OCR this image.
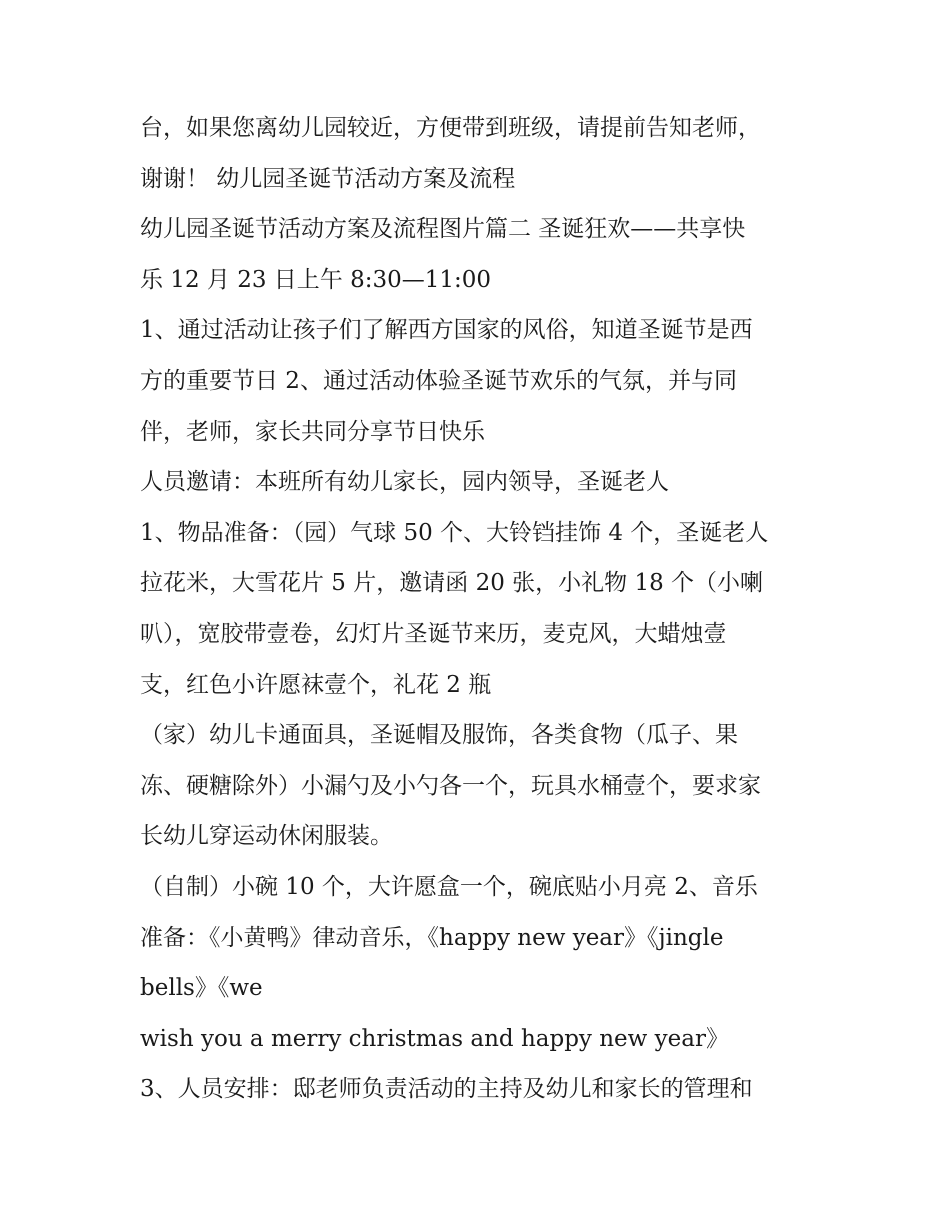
台，如果您离幼儿园较近，方便带到班级，请提前告知老师，

谢谢！ 幼儿园圣诞节活动方案及流程

幼儿园圣诞节活动方案及流程图片篇二 圣诞狂欢——共享快

乐 12 月 23 日上午 8:30—11:00

1、通过活动让孩子们了解西方国家的风俗，知道圣诞节是西

方的重要节日 2、通过活动体验圣诞节欢乐的气氛，并与同

伴，老师，家长共同分享节日快乐

人员邀请：本班所有幼儿家长，园内领导，圣诞老人

1、物品准备：（园）气球 50 个、大铃铛挂饰 4 个，圣诞老人

拉花米，大雪花片 5 片，邀请函 20 张，小礼物 18 个（小喇

叭），宽胶带壹卷，幻灯片圣诞节来历，麦克风，大蜡烛壹

支，红色小许愿袜壹个，礼花 2 瓶

（家）幼儿卡通面具，圣诞帽及服饰，各类食物（瓜子、果

冻、硬糖除外）小漏勺及小勺各一个，玩具水桶壹个，要求家

长幼儿穿运动休闲服装。

（自制）小碗 10 个，大许愿盒一个，碗底贴小月亮 2、音乐

准备：《小黄鸭》律动音乐，《happy new year》《jingle

bells》《we

wish you a merry christmas and happy new year》

3、人员安排：邸老师负责活动的主持及幼儿和家长的管理和
